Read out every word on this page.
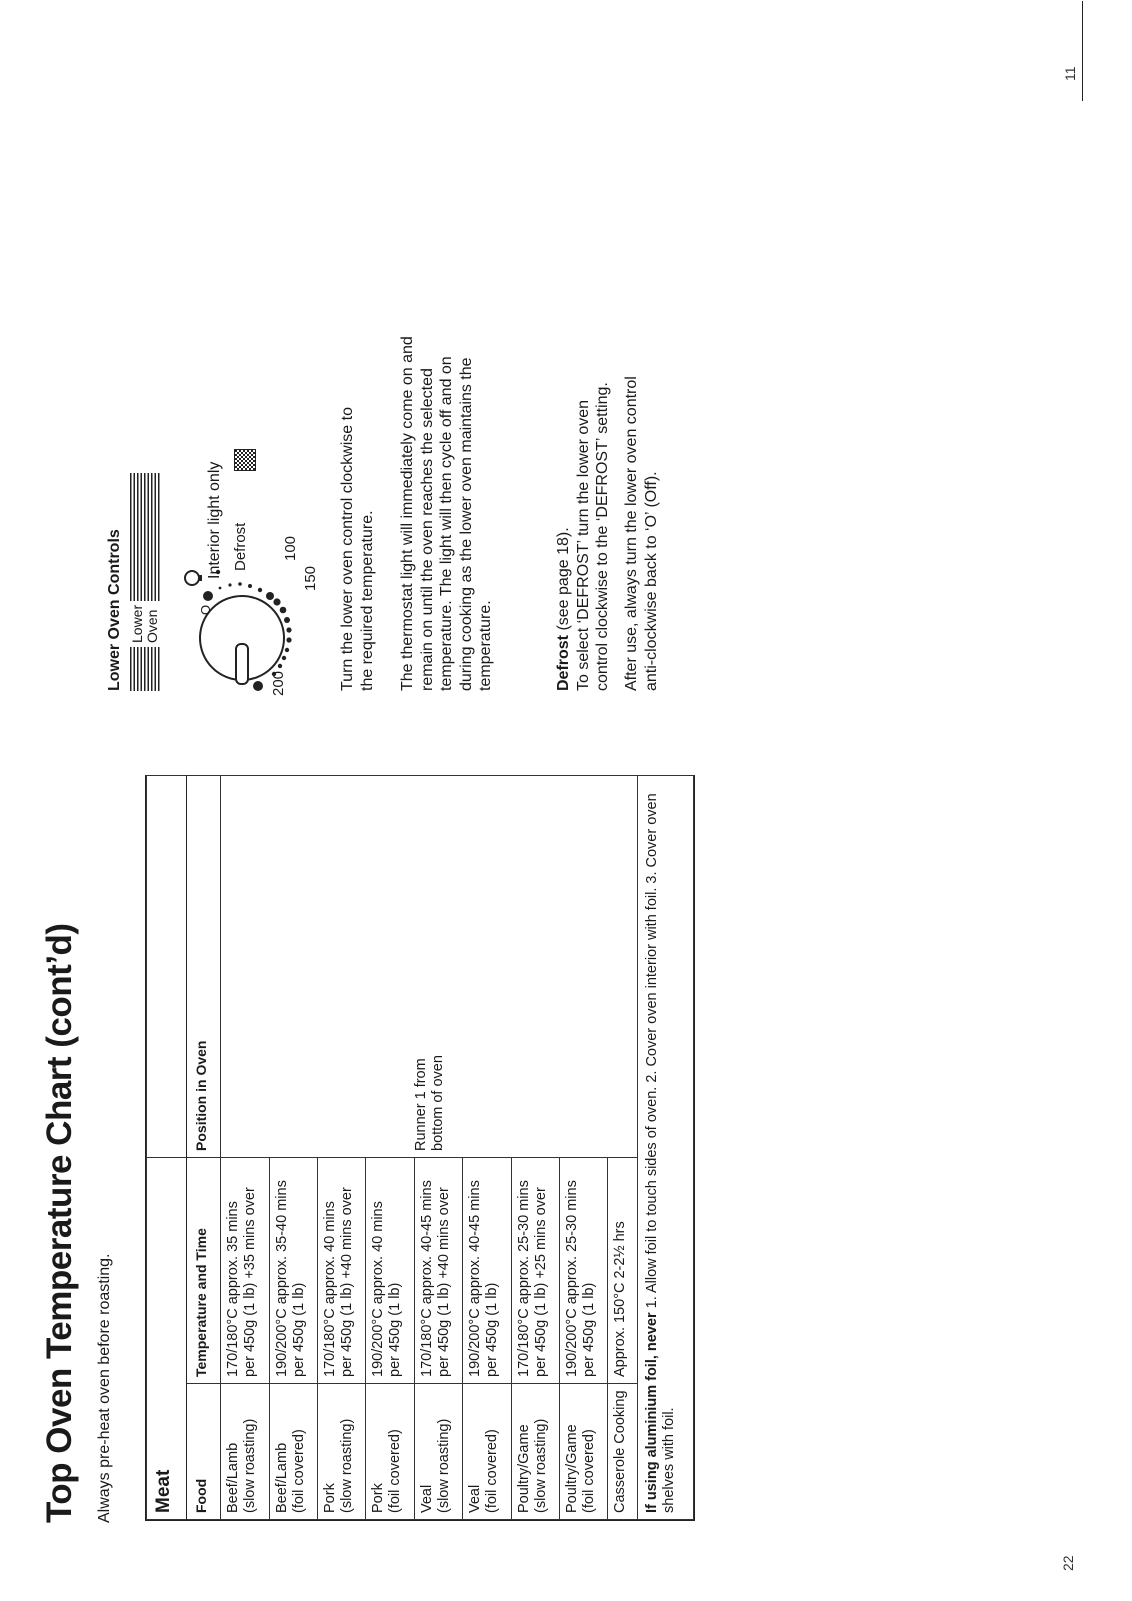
22
11
Top Oven Temperature Chart (cont’d) Always pre-heat oven before roasting. Meat		
Food	Temperature and Time	Position in Oven

Beef/Lamb (slow roasting)	170/180°C approx. 35 mins per 450g (1 lb) +35 mins over	Runner 1 from bottom of oven

Beef/Lamb (foil covered)	190/200°C approx. 35-40 mins per 450g (1 lb)	

Pork (slow roasting)	170/180°C approx. 40 mins per 450g (1 lb) +40 mins over	

Pork (foil covered)	190/200°C approx. 40 mins per 450g (1 lb)	

Veal (slow roasting)	170/180°C approx. 40-45 mins per 450g (1 lb) +40 mins over	

Veal (foil covered)	190/200°C approx. 40-45 mins per 450g (1 lb)	

Poultry/Game (slow roasting)	170/180°C approx. 25-30 mins per 450g (1 lb) +25 mins over	

Poultry/Game (foil covered)	190/200°C approx. 25-30 mins per 450g (1 lb)	

Casserole Cooking	Approx. 150°C 2-2½ hrs	

If using aluminium foil, never 1. Allow foil to touch sides of oven. 2. Cover oven interior with foil. 3. Cover oven shelves with foil.		
Lower Oven Controls Lower Oven	O
Interior light only Defrost 100
150
200	Turn the lower oven control clockwise to the required temperature. The thermostat light will immediately come on and remain on until the oven reaches the selected temperature. The light will then cycle off and on during cooking as the lower oven maintains the temperature.	Defrost (see page 18). To select ‘DEFROST’ turn the lower oven control clockwise to the ‘DEFROST’ setting. After use, always turn the lower oven control anti-clockwise back to ‘O’ (Off).
